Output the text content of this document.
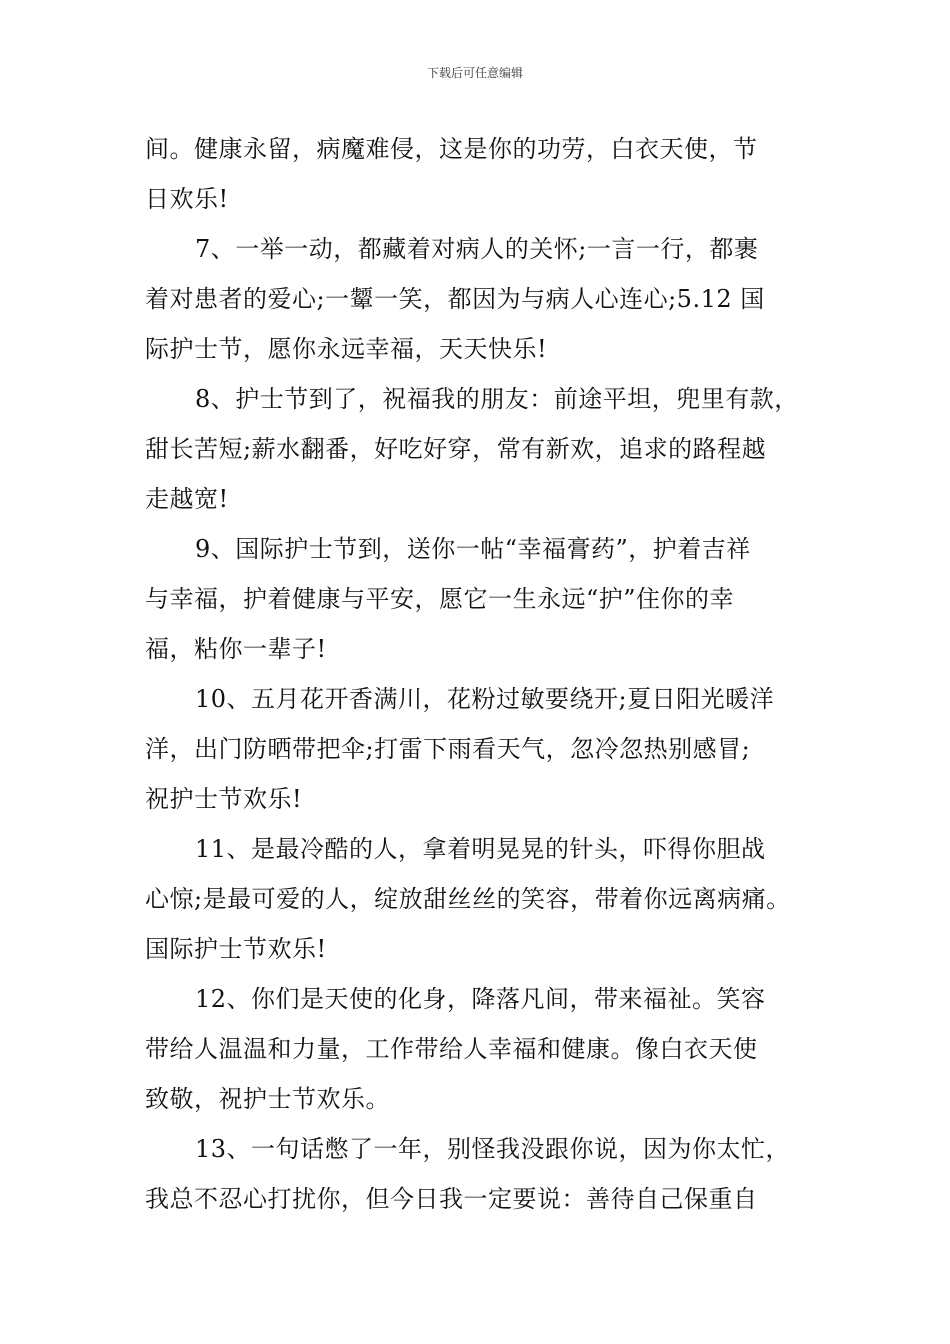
下载后可任意编辑
间。健康永留，病魔难侵，这是你的功劳，白衣天使，节
日欢乐!
7、一举一动，都藏着对病人的关怀;一言一行，都裹
着对患者的爱心;一颦一笑，都因为与病人心连心;5.12 国
际护士节，愿你永远幸福，天天快乐!
8、护士节到了，祝福我的朋友：前途平坦，兜里有款，
甜长苦短;薪水翻番，好吃好穿，常有新欢，追求的路程越
走越宽!
9、国际护士节到，送你一帖“幸福膏药”，护着吉祥
与幸福，护着健康与平安，愿它一生永远“护”住你的幸
福，粘你一辈子!
10、五月花开香满川，花粉过敏要绕开;夏日阳光暖洋
洋，出门防晒带把伞;打雷下雨看天气，忽冷忽热别感冒;
祝护士节欢乐!
11、是最冷酷的人，拿着明晃晃的针头，吓得你胆战
心惊;是最可爱的人，绽放甜丝丝的笑容，带着你远离病痛。
国际护士节欢乐!
12、你们是天使的化身，降落凡间，带来福祉。笑容
带给人温温和力量，工作带给人幸福和健康。像白衣天使
致敬，祝护士节欢乐。
13、一句话憋了一年，别怪我没跟你说，因为你太忙，
我总不忍心打扰你，但今日我一定要说：善待自己保重自
